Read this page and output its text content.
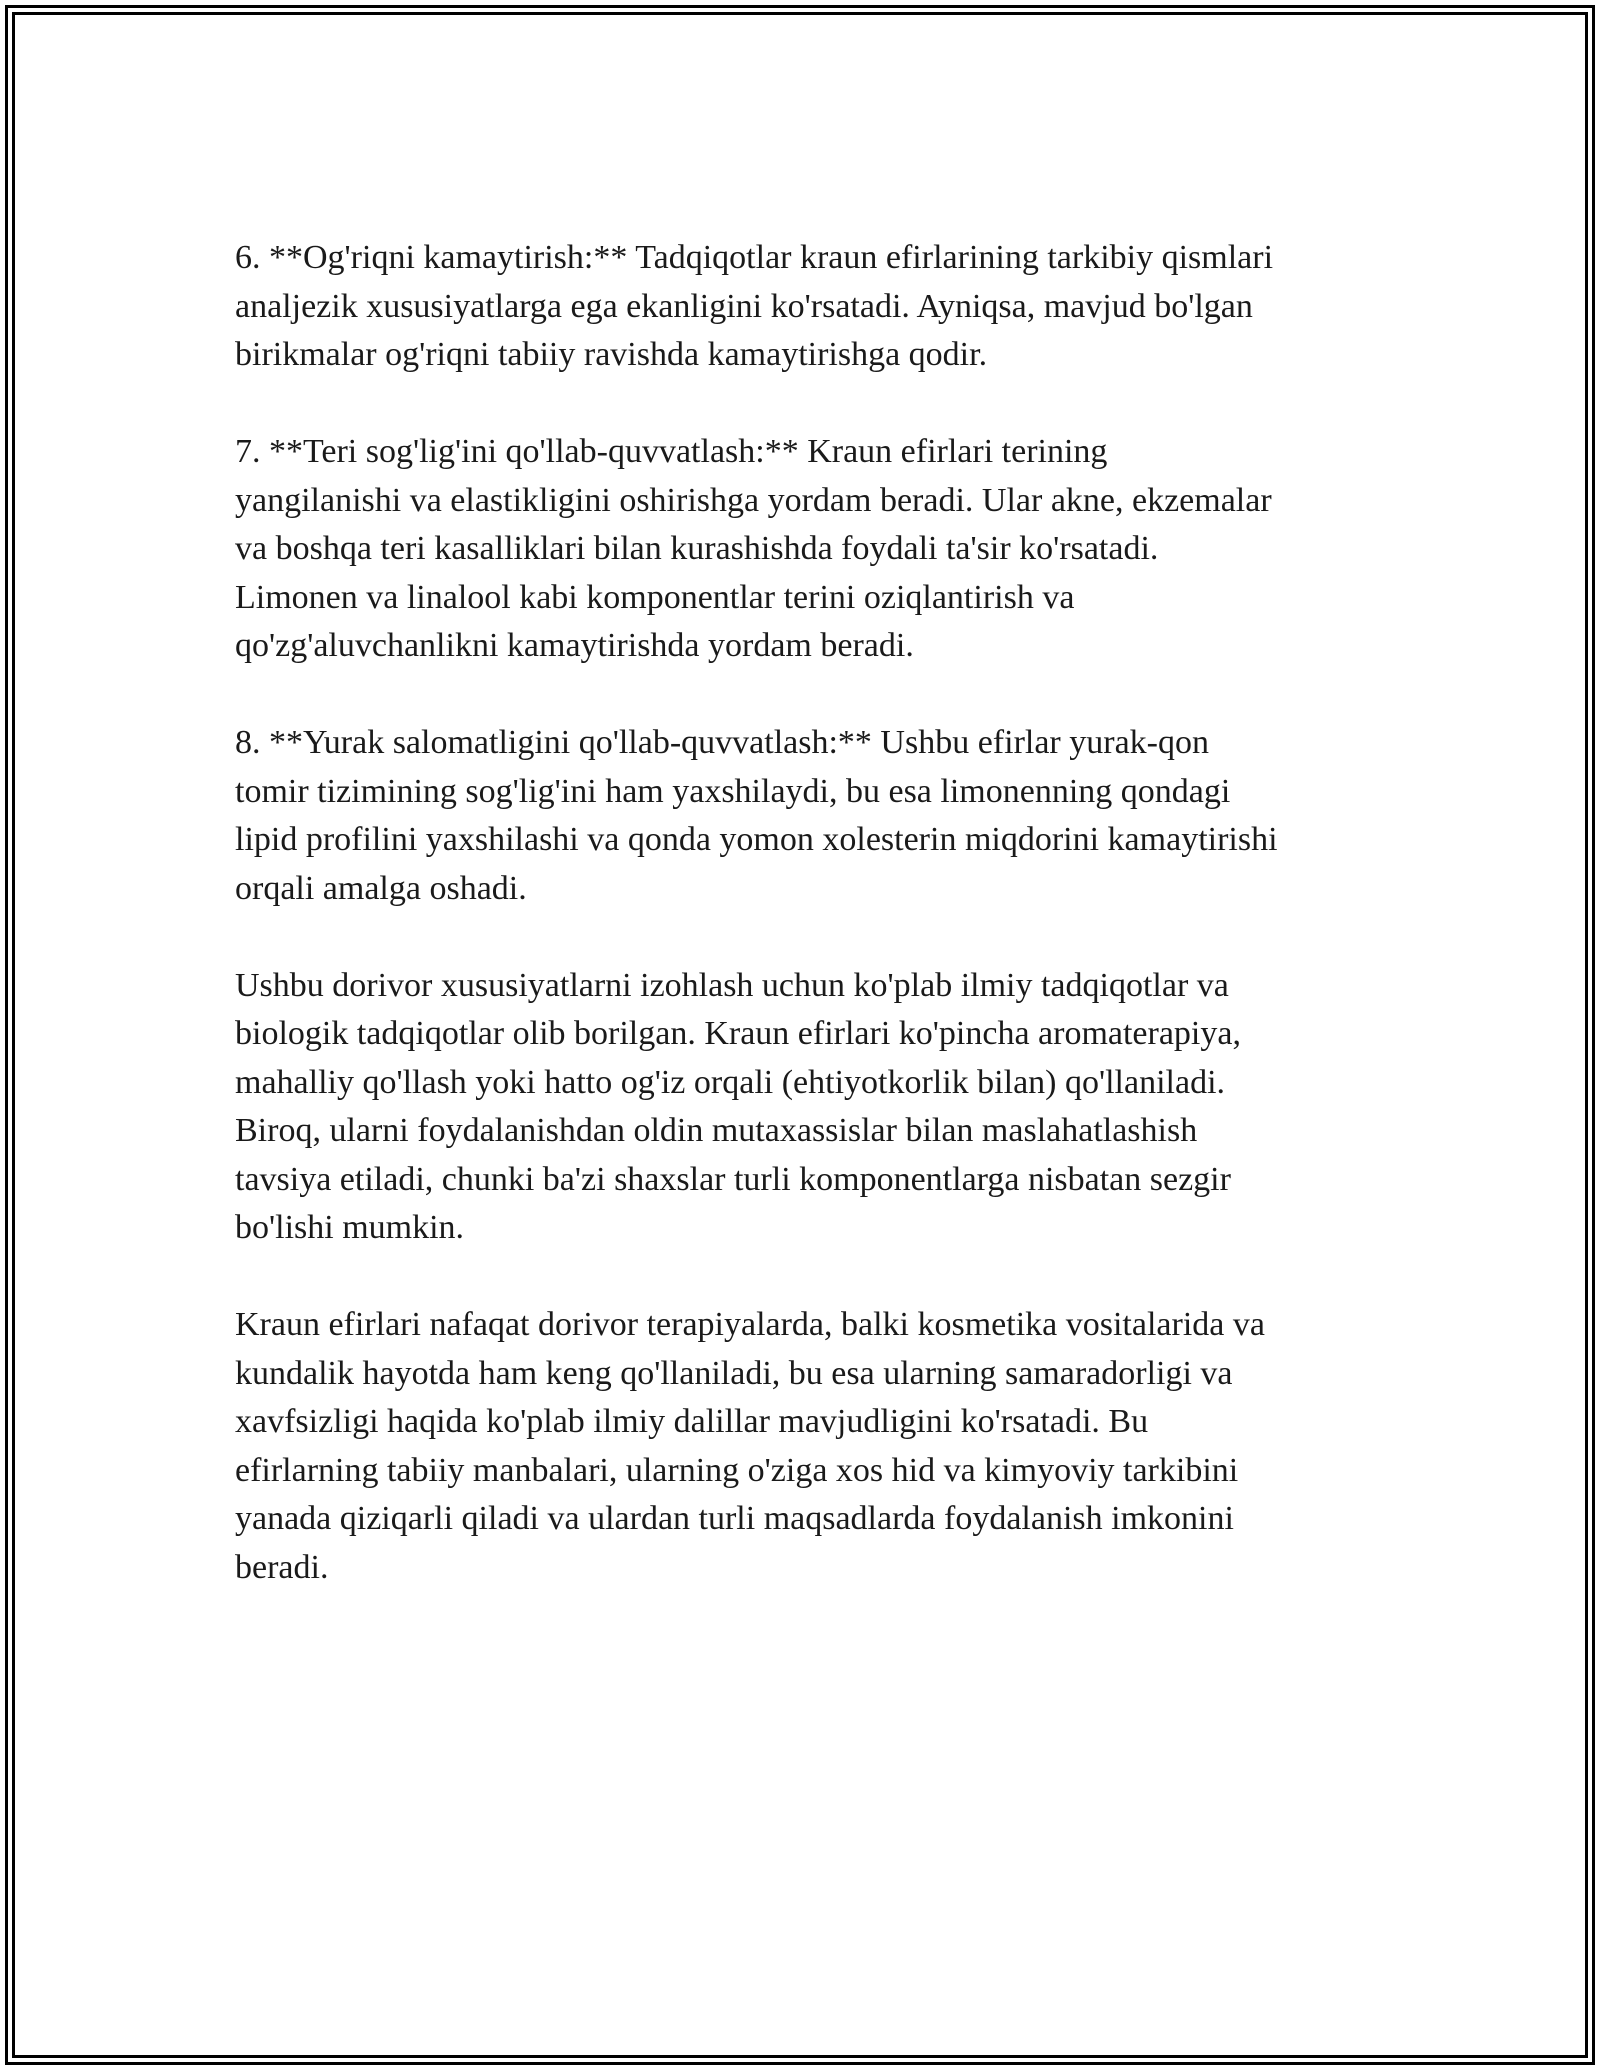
6. **Og'riqni kamaytirish:** Tadqiqotlar kraun efirlarining tarkibiy qismlari
analjezik xususiyatlarga ega ekanligini ko'rsatadi. Ayniqsa, mavjud bo'lgan
birikmalar og'riqni tabiiy ravishda kamaytirishga qodir.

7. **Teri sog'lig'ini qo'llab-quvvatlash:** Kraun efirlari terining
yangilanishi va elastikligini oshirishga yordam beradi. Ular akne, ekzemalar
va boshqa teri kasalliklari bilan kurashishda foydali ta'sir ko'rsatadi.
Limonen va linalool kabi komponentlar terini oziqlantirish va
qo'zg'aluvchanlikni kamaytirishda yordam beradi.

8. **Yurak salomatligini qo'llab-quvvatlash:** Ushbu efirlar yurak-qon
tomir tizimining sog'lig'ini ham yaxshilaydi, bu esa limonenning qondagi
lipid profilini yaxshilashi va qonda yomon xolesterin miqdorini kamaytirishi
orqali amalga oshadi.

Ushbu dorivor xususiyatlarni izohlash uchun ko'plab ilmiy tadqiqotlar va
biologik tadqiqotlar olib borilgan. Kraun efirlari ko'pincha aromaterapiya,
mahalliy qo'llash yoki hatto og'iz orqali (ehtiyotkorlik bilan) qo'llaniladi.
Biroq, ularni foydalanishdan oldin mutaxassislar bilan maslahatlashish
tavsiya etiladi, chunki ba'zi shaxslar turli komponentlarga nisbatan sezgir
bo'lishi mumkin.

Kraun efirlari nafaqat dorivor terapiyalarda, balki kosmetika vositalarida va
kundalik hayotda ham keng qo'llaniladi, bu esa ularning samaradorligi va
xavfsizligi haqida ko'plab ilmiy dalillar mavjudligini ko'rsatadi. Bu
efirlarning tabiiy manbalari, ularning o'ziga xos hid va kimyoviy tarkibini
yanada qiziqarli qiladi va ulardan turli maqsadlarda foydalanish imkonini
beradi.
